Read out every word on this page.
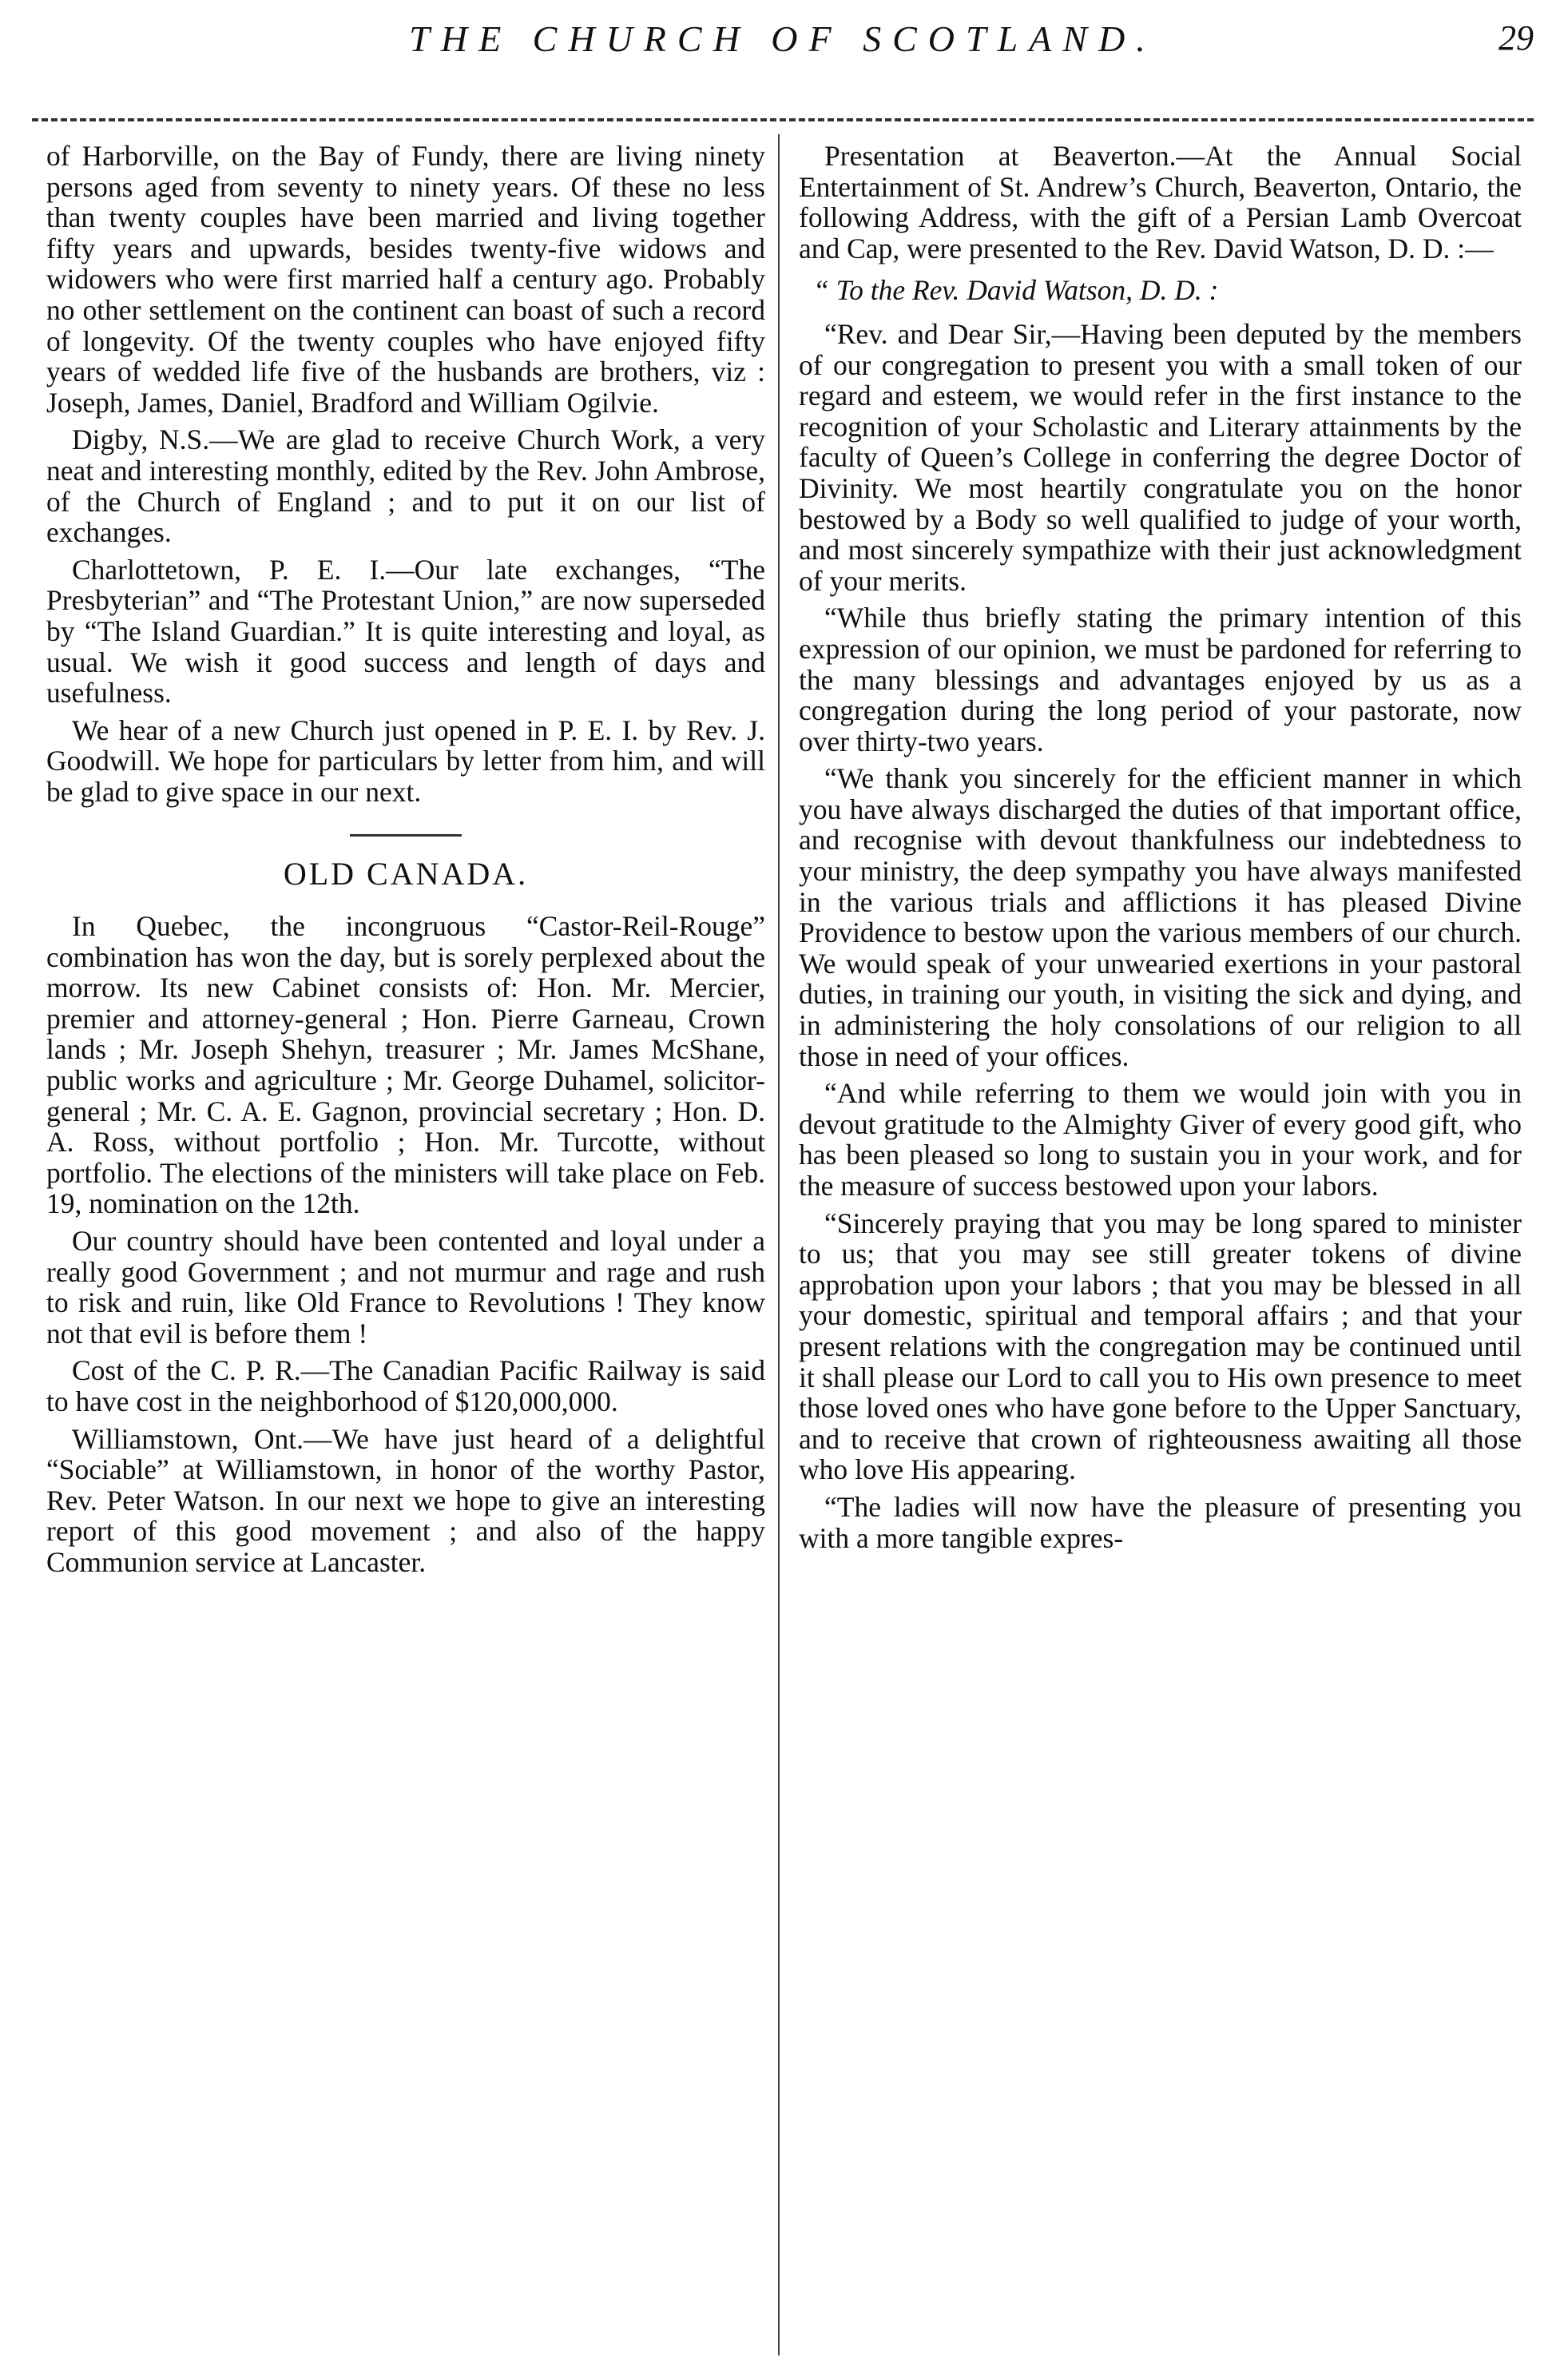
THE CHURCH OF SCOTLAND.	29

of Harborville, on the Bay of Fundy, there are living ninety persons aged from seventy to ninety years. Of these no less than twenty couples have been married and living together fifty years and upwards, besides twenty-five widows and widowers who were first married half a century ago. Probably no other settlement on the continent can boast of such a record of longevity. Of the twenty couples who have enjoyed fifty years of wedded life five of the husbands are brothers, viz : Joseph, James, Daniel, Bradford and William Ogilvie.

Digby, N.S.—We are glad to receive Church Work, a very neat and interesting monthly, edited by the Rev. John Ambrose, of the Church of England ; and to put it on our list of exchanges.

Charlottetown, P. E. I.—Our late exchanges, “The Presbyterian” and “The Protestant Union,” are now superseded by “The Island Guardian.” It is quite interesting and loyal, as usual. We wish it good success and length of days and usefulness.

We hear of a new Church just opened in P. E. I. by Rev. J. Goodwill. We hope for particulars by letter from him, and will be glad to give space in our next.

OLD CANADA.

In Quebec, the incongruous “Castor-Reil-Rouge” combination has won the day, but is sorely perplexed about the morrow. Its new Cabinet consists of: Hon. Mr. Mercier, premier and attorney-general ; Hon. Pierre Garneau, Crown lands ; Mr. Joseph Shehyn, treasurer ; Mr. James McShane, public works and agriculture ; Mr. George Duhamel, solicitor-general ; Mr. C. A. E. Gagnon, provincial secretary ; Hon. D. A. Ross, without portfolio ; Hon. Mr. Turcotte, without portfolio. The elections of the ministers will take place on Feb. 19, nomination on the 12th.

Our country should have been contented and loyal under a really good Government ; and not murmur and rage and rush to risk and ruin, like Old France to Revolutions ! They know not that evil is before them !

Cost of the C. P. R.—The Canadian Pacific Railway is said to have cost in the neighborhood of $120,000,000.

Williamstown, Ont.—We have just heard of a delightful “Sociable” at Williamstown, in honor of the worthy Pastor, Rev. Peter Watson. In our next we hope to give an interesting report of this good movement ; and also of the happy Communion service at Lancaster.

Presentation at Beaverton.—At the Annual Social Entertainment of St. Andrew’s Church, Beaverton, Ontario, the following Address, with the gift of a Persian Lamb Overcoat and Cap, were presented to the Rev. David Watson, D. D. :—

“ To the Rev. David Watson, D. D. :

“Rev. and Dear Sir,—Having been deputed by the members of our congregation to present you with a small token of our regard and esteem, we would refer in the first instance to the recognition of your Scholastic and Literary attainments by the faculty of Queen’s College in conferring the degree Doctor of Divinity. We most heartily congratulate you on the honor bestowed by a Body so well qualified to judge of your worth, and most sincerely sympathize with their just acknowledgment of your merits.

“While thus briefly stating the primary intention of this expression of our opinion, we must be pardoned for referring to the many blessings and advantages enjoyed by us as a congregation during the long period of your pastorate, now over thirty-two years.

“We thank you sincerely for the efficient manner in which you have always discharged the duties of that important office, and recognise with devout thankfulness our indebtedness to your ministry, the deep sympathy you have always manifested in the various trials and afflictions it has pleased Divine Providence to bestow upon the various members of our church. We would speak of your unwearied exertions in your pastoral duties, in training our youth, in visiting the sick and dying, and in administering the holy consolations of our religion to all those in need of your offices.

“And while referring to them we would join with you in devout gratitude to the Almighty Giver of every good gift, who has been pleased so long to sustain you in your work, and for the measure of success bestowed upon your labors.

“Sincerely praying that you may be long spared to minister to us; that you may see still greater tokens of divine approbation upon your labors ; that you may be blessed in all your domestic, spiritual and temporal affairs ; and that your present relations with the congregation may be continued until it shall please our Lord to call you to His own presence to meet those loved ones who have gone before to the Upper Sanctuary, and to receive that crown of righteousness awaiting all those who love His appearing.

“The ladies will now have the pleasure of presenting you with a more tangible expres-
